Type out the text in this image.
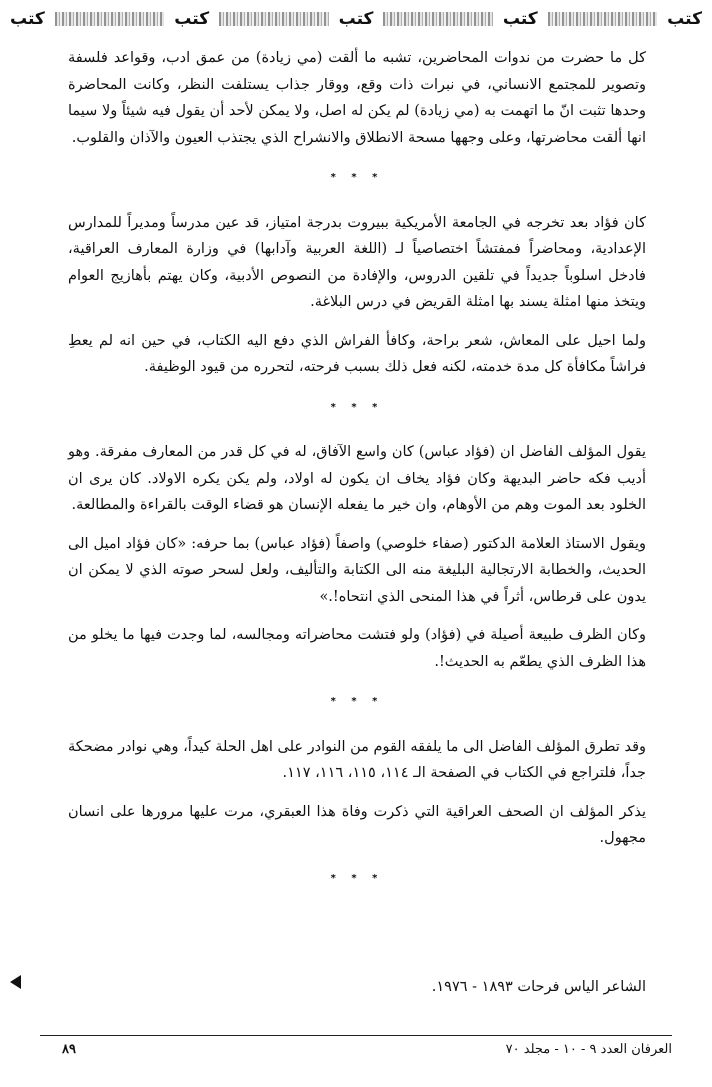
كتب
كتب
كتب
كتب
كتب

كل ما حضرت من ندوات المحاضرين، تشبه ما ألقت (مي زيادة) من عمق ادب، وقواعد فلسفة وتصوير للمجتمع الانساني، في نبرات ذات وقع، ووقار جذاب يستلفت النظر، وكانت المحاضرة وحدها تثبت انّ ما اتهمت به (مي زيادة) لم يكن له اصل، ولا يمكن لأحد أن يقول فيه شيئاً ولا سيما انها ألقت محاضرتها، وعلى وجهها مسحة الانطلاق والانشراح الذي يجتذب العيون والآذان والقلوب.

* * *

كان فؤاد بعد تخرجه في الجامعة الأمريكية ببيروت بدرجة امتياز، قد عين مدرساً ومديراً للمدارس الإعدادية، ومحاضراً فمفتشاً اختصاصياً لـ (اللغة العربية وآدابها) في وزارة المعارف العراقية، فادخل اسلوباً جديداً في تلقين الدروس، والإفادة من النصوص الأدبية، وكان يهتم بأهازيج العوام ويتخذ منها امثلة يسند بها امثلة القريض في درس البلاغة.

ولما احيل على المعاش، شعر براحة، وكافأ الفراش الذي دفع اليه الكتاب، في حين انه لم يعطِ فراشاً مكافأة كل مدة خدمته، لكنه فعل ذلك بسبب فرحته، لتحرره من قيود الوظيفة.

* * *

يقول المؤلف الفاضل ان (فؤاد عباس) كان واسع الآفاق، له في كل قدر من المعارف مفرقة. وهو أديب فكه حاضر البديهة وكان فؤاد يخاف ان يكون له اولاد، ولم يكن يكره الاولاد. كان يرى ان الخلود بعد الموت وهم من الأوهام، وان خير ما يفعله الإنسان هو قضاء الوقت بالقراءة والمطالعة.

ويقول الاستاذ العلامة الدكتور (صفاء خلوصي) واصفاً (فؤاد عباس) بما حرفه: «كان فؤاد اميل الى الحديث، والخطابة الارتجالية البليغة منه الى الكتابة والتأليف، ولعل لسحر صوته الذي لا يمكن ان يدون على قرطاس، أثراً في هذا المنحى الذي انتحاه!.»

وكان الظرف طبيعة أصيلة في (فؤاد) ولو فتشت محاضراته ومجالسه، لما وجدت فيها ما يخلو من هذا الظرف الذي يطعّم به الحديث!.

* * *

وقد تطرق المؤلف الفاضل الى ما يلفقه القوم من النوادر على اهل الحلة كيداً، وهي نوادر مضحكة جداً، فلتراجع في الكتاب في الصفحة الـ ١١٤، ١١٥، ١١٦، ١١٧.

يذكر المؤلف ان الصحف العراقية التي ذكرت وفاة هذا العبقري، مرت عليها مرورها على انسان مجهول.

* * *
الشاعر الياس فرحات ١٨٩٣ - ١٩٧٦.
العرفان العدد ٩ - ١٠ - مجلد ٧٠
٨٩
